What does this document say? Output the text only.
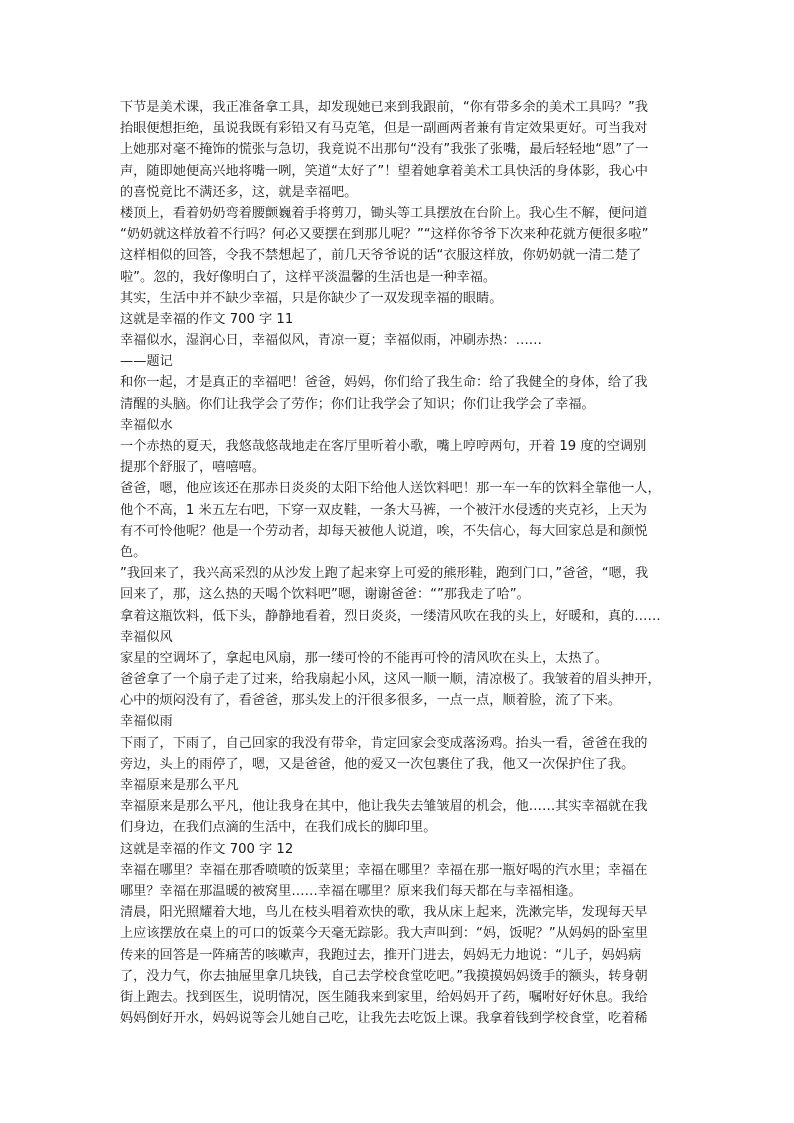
下节是美术课，我正准备拿工具，却发现她已来到我跟前，“你有带多余的美术工具吗？”我
抬眼便想拒绝，虽说我既有彩铅又有马克笔，但是一副画两者兼有肯定效果更好。可当我对
上她那对毫不掩饰的慌张与急切，我竟说不出那句“没有”我张了张嘴，最后轻轻地“恩”了一
声，随即她便高兴地将嘴一咧，笑道“太好了”！望着她拿着美术工具快活的身体影，我心中
的喜悦竟比不满还多，这，就是幸福吧。
楼顶上，看着奶奶弯着腰颤巍着手将剪刀，锄头等工具摆放在台阶上。我心生不解，便问道
“奶奶就这样放着不行吗？何必又要摆在到那儿呢？”“这样你爷爷下次来种花就方便很多啦”
这样相似的回答，令我不禁想起了，前几天爷爷说的话“衣服这样放，你奶奶就一清二楚了
啦”。忽的，我好像明白了，这样平淡温馨的生活也是一种幸福。
其实，生活中并不缺少幸福，只是你缺少了一双发现幸福的眼睛。
这就是幸福的作文 700 字 11
幸福似水，湿润心日，幸福似风，青凉一夏；幸福似雨，冲刷赤热：……
——题记
和你一起，才是真正的幸福吧！爸爸，妈妈，你们给了我生命：给了我健全的身体，给了我
清醒的头脑。你们让我学会了劳作；你们让我学会了知识；你们让我学会了幸福。
幸福似水
一个赤热的夏天，我悠哉悠哉地走在客厅里听着小歌，嘴上哼哼两句，开着 19 度的空调别
提那个舒服了，嘻嘻嘻。
爸爸，嗯，他应该还在那赤日炎炎的太阳下给他人送饮料吧！那一车一车的饮料全靠他一人，
他个不高，1 米五左右吧，下穿一双皮鞋，一条大马裤，一个被汗水侵透的夹克衫，上天为
有不可怜他呢？他是一个劳动者，却每天被他人说道，唉，不失信心，每大回家总是和颜悦
色。
”我回来了，我兴高采烈的从沙发上跑了起来穿上可爱的熊形鞋，跑到门口，”爸爸，“嗯，我
回来了，那，这么热的天喝个饮料吧”嗯，谢谢爸爸：“”那我走了哈”。
拿着这瓶饮料，低下头，静静地看着，烈日炎炎，一缕清风吹在我的头上，好暖和，真的……
幸福似风
家星的空调坏了，拿起电风扇，那一缕可怜的不能再可怜的清风吹在头上，太热了。
爸爸拿了一个扇子走了过来，给我扇起小风，这风一顺一顺，清凉极了。我皱着的眉头抻开，
心中的烦闷没有了，看爸爸，那头发上的汗很多很多，一点一点，顺着脸，流了下来。
幸福似雨
下雨了，下雨了，自己回家的我没有带伞，肯定回家会变成落汤鸡。抬头一看，爸爸在我的
旁边，头上的雨停了，嗯，又是爸爸，他的爱又一次包裹住了我，他又一次保护住了我。
幸福原来是那么平凡
幸福原来是那么平凡，他让我身在其中，他让我失去雏皱眉的机会，他……其实幸福就在我
们身边，在我们点滴的生活中，在我们成长的脚印里。
这就是幸福的作文 700 字 12
幸福在哪里？幸福在那香喷喷的饭菜里；幸福在哪里？幸福在那一瓶好喝的汽水里；幸福在
哪里？幸福在那温暖的被窝里……幸福在哪里？原来我们每天都在与幸福相逢。
清晨，阳光照耀着大地，鸟儿在枝头唱着欢快的歌，我从床上起来，洗漱完毕，发现每天早
上应该摆放在桌上的可口的饭菜今天毫无踪影。我大声叫到：“妈，饭呢？”从妈妈的卧室里
传来的回答是一阵痛苦的咳嗽声，我跑过去，推开门进去，妈妈无力地说：“儿子，妈妈病
了，没力气，你去抽屉里拿几块钱，自己去学校食堂吃吧。”我摸摸妈妈烫手的额头，转身朝
街上跑去。找到医生，说明情况，医生随我来到家里，给妈妈开了药，嘱咐好好休息。我给
妈妈倒好开水，妈妈说等会儿她自己吃，让我先去吃饭上课。我拿着钱到学校食堂，吃着稀
